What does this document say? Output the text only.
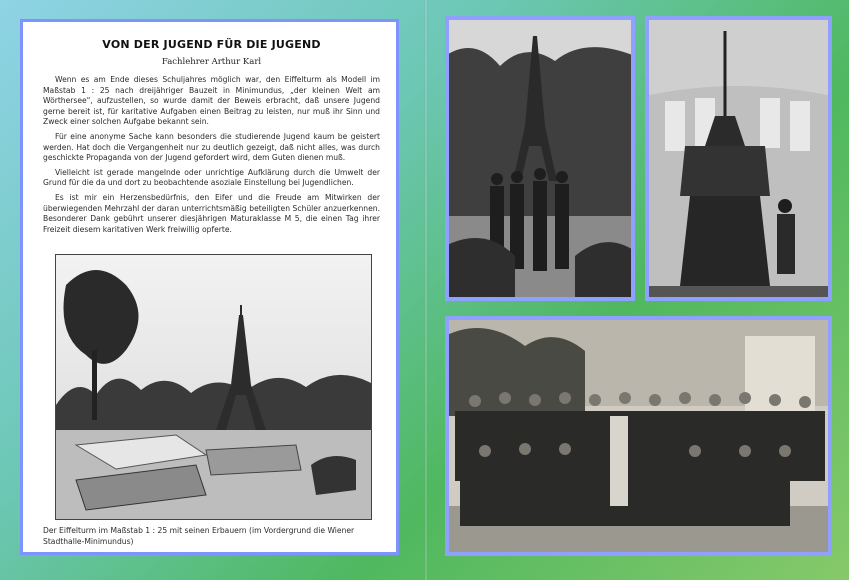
VON DER JUGEND FÜR DIE JUGEND
Fachlehrer Arthur Karl

Wenn es am Ende dieses Schuljahres möglich war, den Eiffelturm als Modell im Maßstab 1 : 25 nach dreijähriger Bauzeit in Minimundus, „der kleinen Welt am Wörthersee", aufzustellen, so wurde damit der Beweis erbracht, daß unsere Jugend gerne bereit ist, für karitative Aufgaben einen Beitrag zu leisten, nur muß ihr Sinn und Zweck einer solchen Aufgabe bekannt sein.

Für eine anonyme Sache kann besonders die studierende Jugend kaum be geistert werden. Hat doch die Vergangenheit nur zu deutlich gezeigt, daß nicht alles, was durch geschickte Propaganda von der Jugend gefordert wird, dem Guten dienen muß.

Vielleicht ist gerade mangelnde oder unrichtige Aufklärung durch die Umwelt der Grund für die da und dort zu beobachtende asoziale Einstellung bei Jugendlichen.

Es ist mir ein Herzensbedürfnis, den Eifer und die Freude am Mitwirken der überwiegenden Mehrzahl der daran unterrichtsmäßig beteiligten Schüler anzuerkennen. Besonderer Dank gebührt unserer diesjährigen Maturaklasse M 5, die einen Tag ihrer Freizeit diesem karitativen Werk freiwillig opferte.

Der Eiffelturm im Maßstab 1 : 25 mit seinen Erbauern (im Vordergrund die Wiener Stadthalle-Minimundus)
